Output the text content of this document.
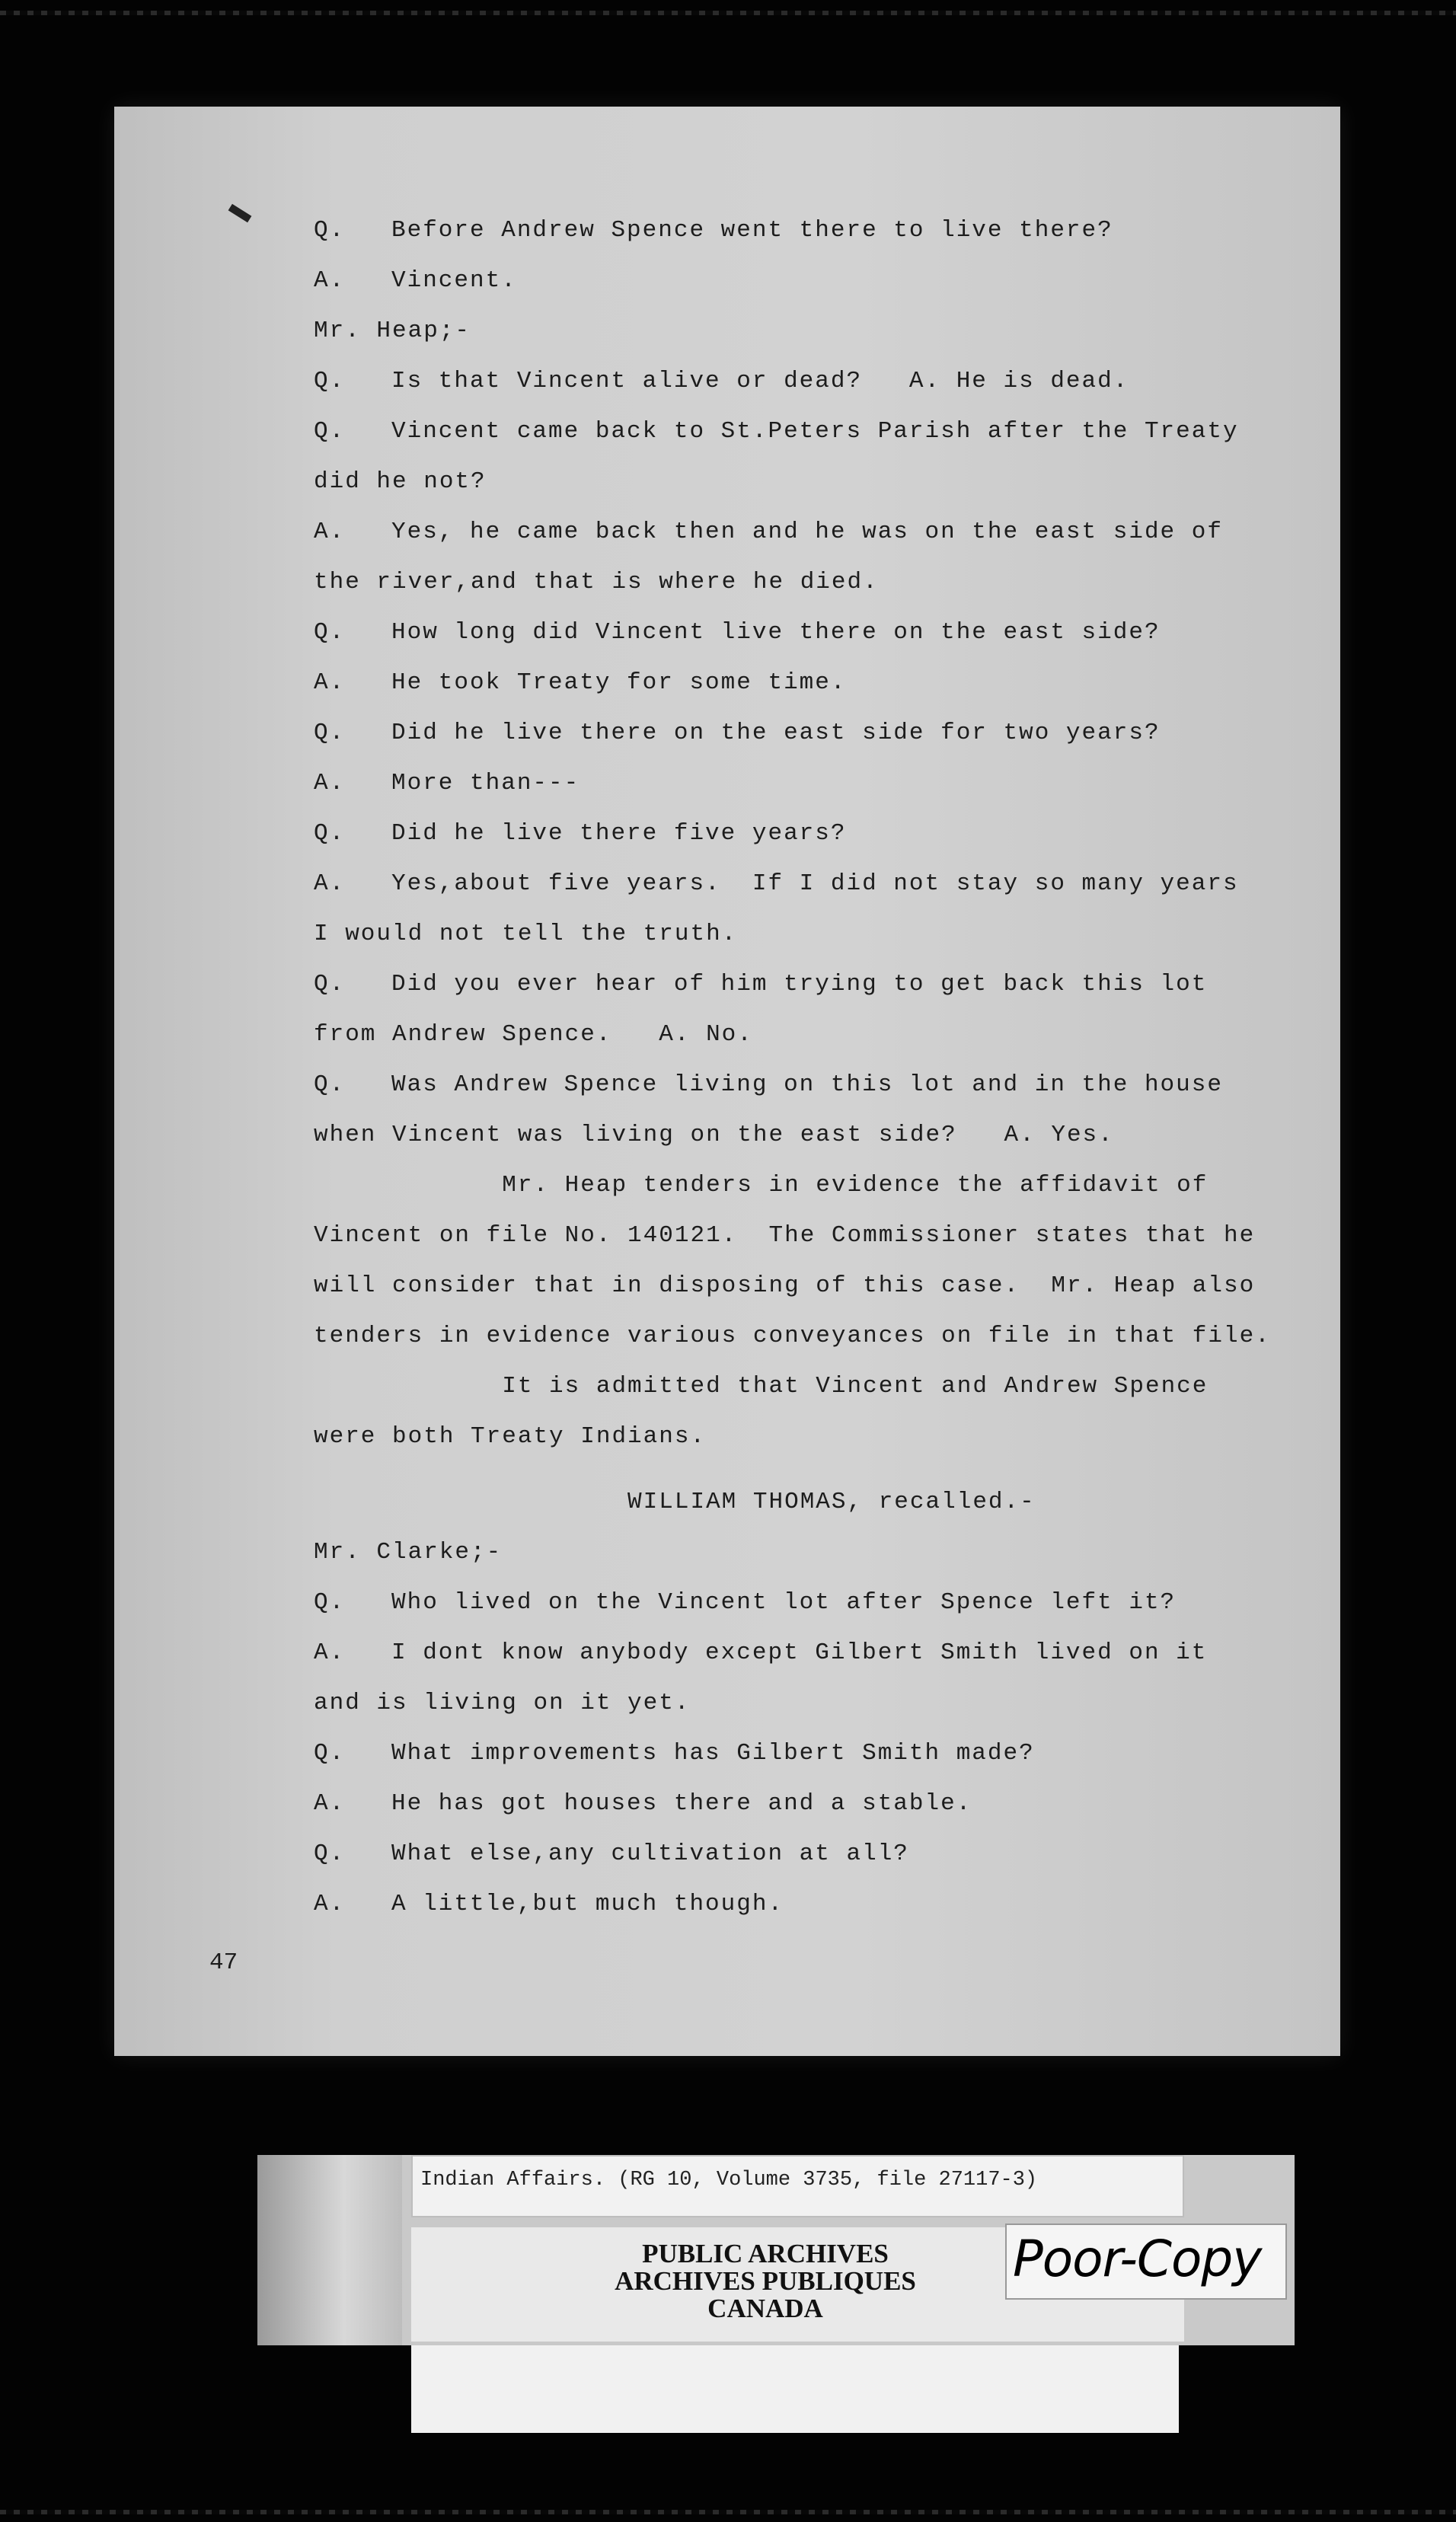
Q. Before Andrew Spence went there to live there?
A. Vincent.
Mr. Heap;-
Q. Is that Vincent alive or dead?   A. He is dead.
Q. Vincent came back to St.Peters Parish after the Treaty
did he not?
A. Yes, he came back then and he was on the east side of
the river,and that is where he died.
Q. How long did Vincent live there on the east side?
A. He took Treaty for some time.
Q. Did he live there on the east side for two years?
A. More than---
Q. Did he live there five years?
A. Yes,about five years.  If I did not stay so many years
I would not tell the truth.
Q. Did you ever hear of him trying to get back this lot
from Andrew Spence.   A. No.
Q. Was Andrew Spence living on this lot and in the house
when Vincent was living on the east side?   A. Yes.
Mr. Heap tenders in evidence the affidavit of
Vincent on file No. 140121.  The Commissioner states that he
will consider that in disposing of this case.  Mr. Heap also
tenders in evidence various conveyances on file in that file.
It is admitted that Vincent and Andrew Spence
were both Treaty Indians.
WILLIAM THOMAS, recalled.-
Mr. Clarke;-
Q. Who lived on the Vincent lot after Spence left it?
A. I dont know anybody except Gilbert Smith lived on it
and is living on it yet.
Q. What improvements has Gilbert Smith made?
A. He has got houses there and a stable.
Q. What else,any cultivation at all?
A. A little,but much though.
47
Indian Affairs. (RG 10, Volume 3735, file 27117-3)
PUBLIC ARCHIVES
ARCHIVES PUBLIQUES
CANADA
Poor-Copy
